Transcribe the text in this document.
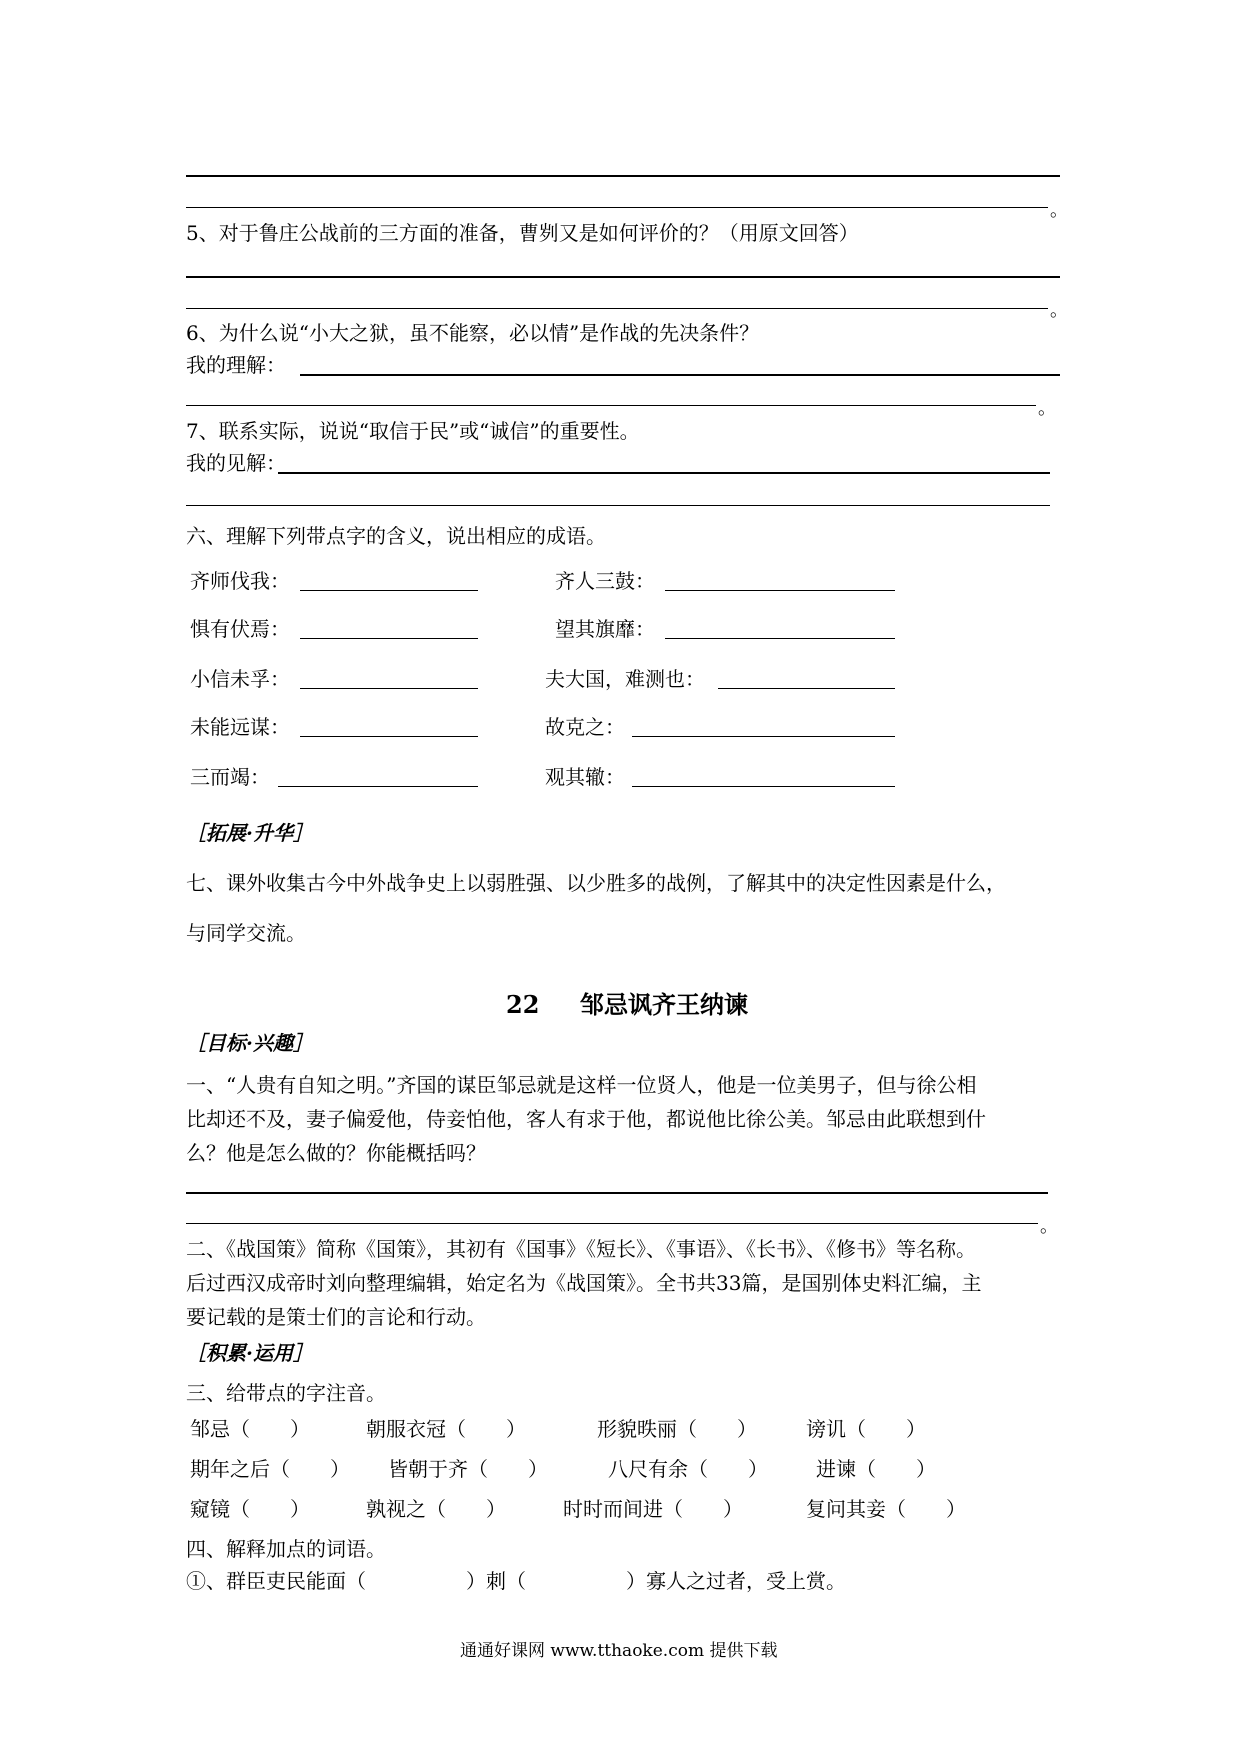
。
5、对于鲁庄公战前的三方面的准备，曹刿又是如何评价的？（用原文回答）
。
6、为什么说“小大之狱，虽不能察，必以情”是作战的先决条件？
我的理解：
。
7、联系实际，说说“取信于民”或“诚信”的重要性。
我的见解：
六、理解下列带点字的含义，说出相应的成语。
齐师伐我：	齐人三鼓：
惧有伏焉：	望其旗靡：
小信未孚：	夫大国，难测也：
未能远谋：	故克之：
三而竭：	观其辙：
［拓展·升华］
七、课外收集古今中外战争史上以弱胜强、以少胜多的战例，了解其中的决定性因素是什么，
与同学交流。
22 邹忌讽齐王纳谏
［目标·兴趣］
一、“人贵有自知之明。”齐国的谋臣邹忌就是这样一位贤人，他是一位美男子，但与徐公相
比却还不及，妻子偏爱他，侍妾怕他，客人有求于他，都说他比徐公美。邹忌由此联想到什
么？他是怎么做的？你能概括吗？
。
二、《战国策》简称《国策》，其初有《国事》《短长》、《事语》、《长书》、《修书》等名称。
后过西汉成帝时刘向整理编辑，始定名为《战国策》。全书共33篇，是国别体史料汇编，主
要记载的是策士们的言论和行动。
［积累·运用］
三、给带点的字注音。
邹忌（　　）	朝服衣冠（　　）	形貌昳丽（　　） 谤讥（　　）
期年之后（　　） 皆朝于齐（　　）	八尺有余（　　） 进谏（　　）
窥镜（　　）	孰视之（　　）	时时而间进（　　）	复问其妾（　　）
四、解释加点的词语。
①、群臣吏民能面（　　　　　）刺（　　　　　）寡人之过者，受上赏。
通通好课网 www.tthaoke.com 提供下载
